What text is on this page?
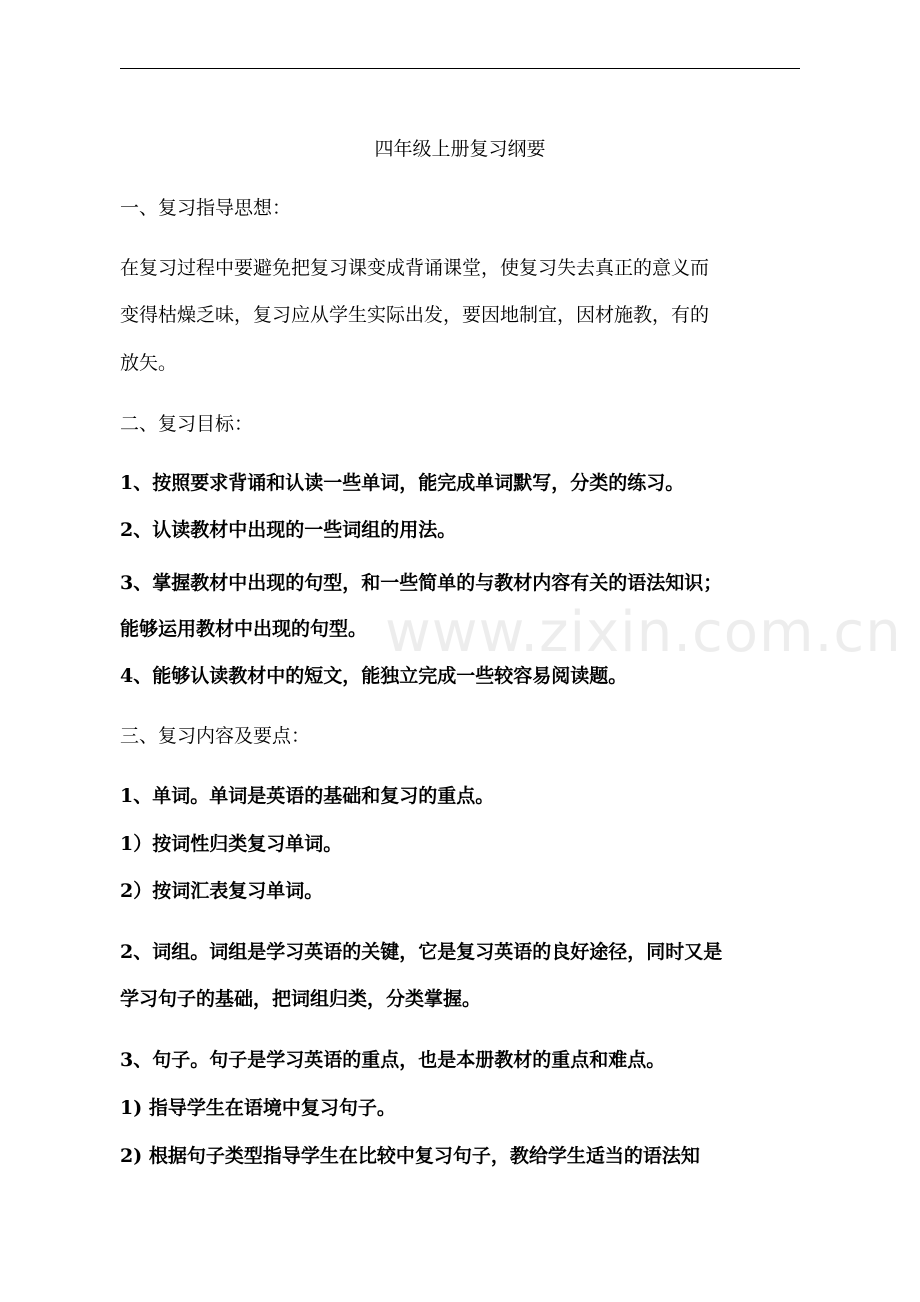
四年级上册复习纲要
一、复习指导思想：
在复习过程中要避免把复习课变成背诵课堂，使复习失去真正的意义而
变得枯燥乏味，复习应从学生实际出发，要因地制宜，因材施教，有的
放矢。
二、复习目标：
1、按照要求背诵和认读一些单词，能完成单词默写，分类的练习。
2、认读教材中出现的一些词组的用法。
3、掌握教材中出现的句型，和一些简单的与教材内容有关的语法知识；
能够运用教材中出现的句型。
4、能够认读教材中的短文，能独立完成一些较容易阅读题。
三、复习内容及要点：
1、单词。单词是英语的基础和复习的重点。
1）按词性归类复习单词。
2）按词汇表复习单词。
2、词组。词组是学习英语的关键，它是复习英语的良好途径，同时又是
学习句子的基础，把词组归类，分类掌握。
3、句子。句子是学习英语的重点，也是本册教材的重点和难点。
1) 指导学生在语境中复习句子。
2) 根据句子类型指导学生在比较中复习句子，教给学生适当的语法知
www.zixin.com.cn
